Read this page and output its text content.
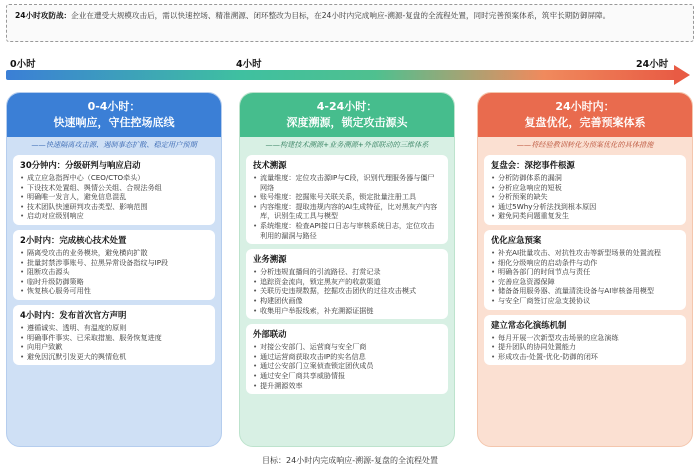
24小时攻防战：企业在遭受大规模攻击后，需以快速控场、精准溯源、闭环整改为目标，在24小时内完成响应-溯源-复盘的全流程处置，同时完善预案体系，筑牢长期防御屏障。
0小时	4小时	24小时
0-4小时：
快速响应，守住控场底线
——快速隔离攻击源、遏制事态扩散、稳定用户预期
30分钟内：分级研判与响应启动
• 成立应急指挥中心（CEO/CTO牵头）
• 下设技术处置组、舆情公关组、合规法务组
• 明确唯一发言人，避免信息混乱
• 技术团队快速研判攻击类型、影响范围
• 启动对应级别响应
2小时内：完成核心技术处置
• 隔离受攻击的业务模块，避免横向扩散
• 批量封禁涉事账号、拉黑异常设备指纹与IP段
• 阻断攻击源头
• 临时升级防御策略
• 恢复核心服务可用性
4小时内：发布首次官方声明
• 遵循诚实、透明、有温度的原则
• 明确事件事实、已采取措施、服务恢复进度
• 向用户致歉
• 避免因沉默引发更大的舆情危机
4-24小时：
深度溯源，锁定攻击源头
——构建技术溯源+业务溯源+外部联动的三维体系
技术溯源
• 流量维度：定位攻击源IP与C段，识别代理服务器与僵尸网络
• 账号维度：挖掘账号关联关系，锁定批量注册工具
• 内容维度：提取违规内容的AI生成特征，比对黑灰产内容库，识别生成工具与模型
• 系统维度：检查API接口日志与审核系统日志，定位攻击利用的漏洞与路径
业务溯源
• 分析违规直播间的引流路径、打赏记录
• 追踪资金流向，锁定黑灰产的收款渠道
• 关联历史违规数据，挖掘攻击团伙的过往攻击模式
• 构建团伙画像
• 收集用户举报线索，补充溯源证据链
外部联动
• 对接公安部门、运营商与安全厂商
• 通过运营商获取攻击IP的实名信息
• 通过公安部门立案侦查锁定团伙成员
• 通过安全厂商共享威胁情报
• 提升溯源效率
24小时内：
复盘优化，完善预案体系
——将经验教训转化为预案优化的具体措施
复盘会：深挖事件根源
• 分析防御体系的漏洞
• 分析应急响应的短板
• 分析预案的缺失
• 通过5Why分析法找到根本原因
• 避免同类问题重复发生
优化应急预案
• 补充AI批量攻击、对抗性攻击等新型场景的处置流程
• 细化分级响应的启动条件与动作
• 明确各部门的时间节点与责任
• 完善应急资源保障
• 储备备用服务器、流量清洗设备与AI审核备用模型
• 与安全厂商签订应急支援协议
建立常态化演练机制
• 每月开展一次新型攻击场景的应急演练
• 提升团队的协同处置能力
• 形成攻击-处置-优化-防御的闭环
目标：24小时内完成响应-溯源-复盘的全流程处置
